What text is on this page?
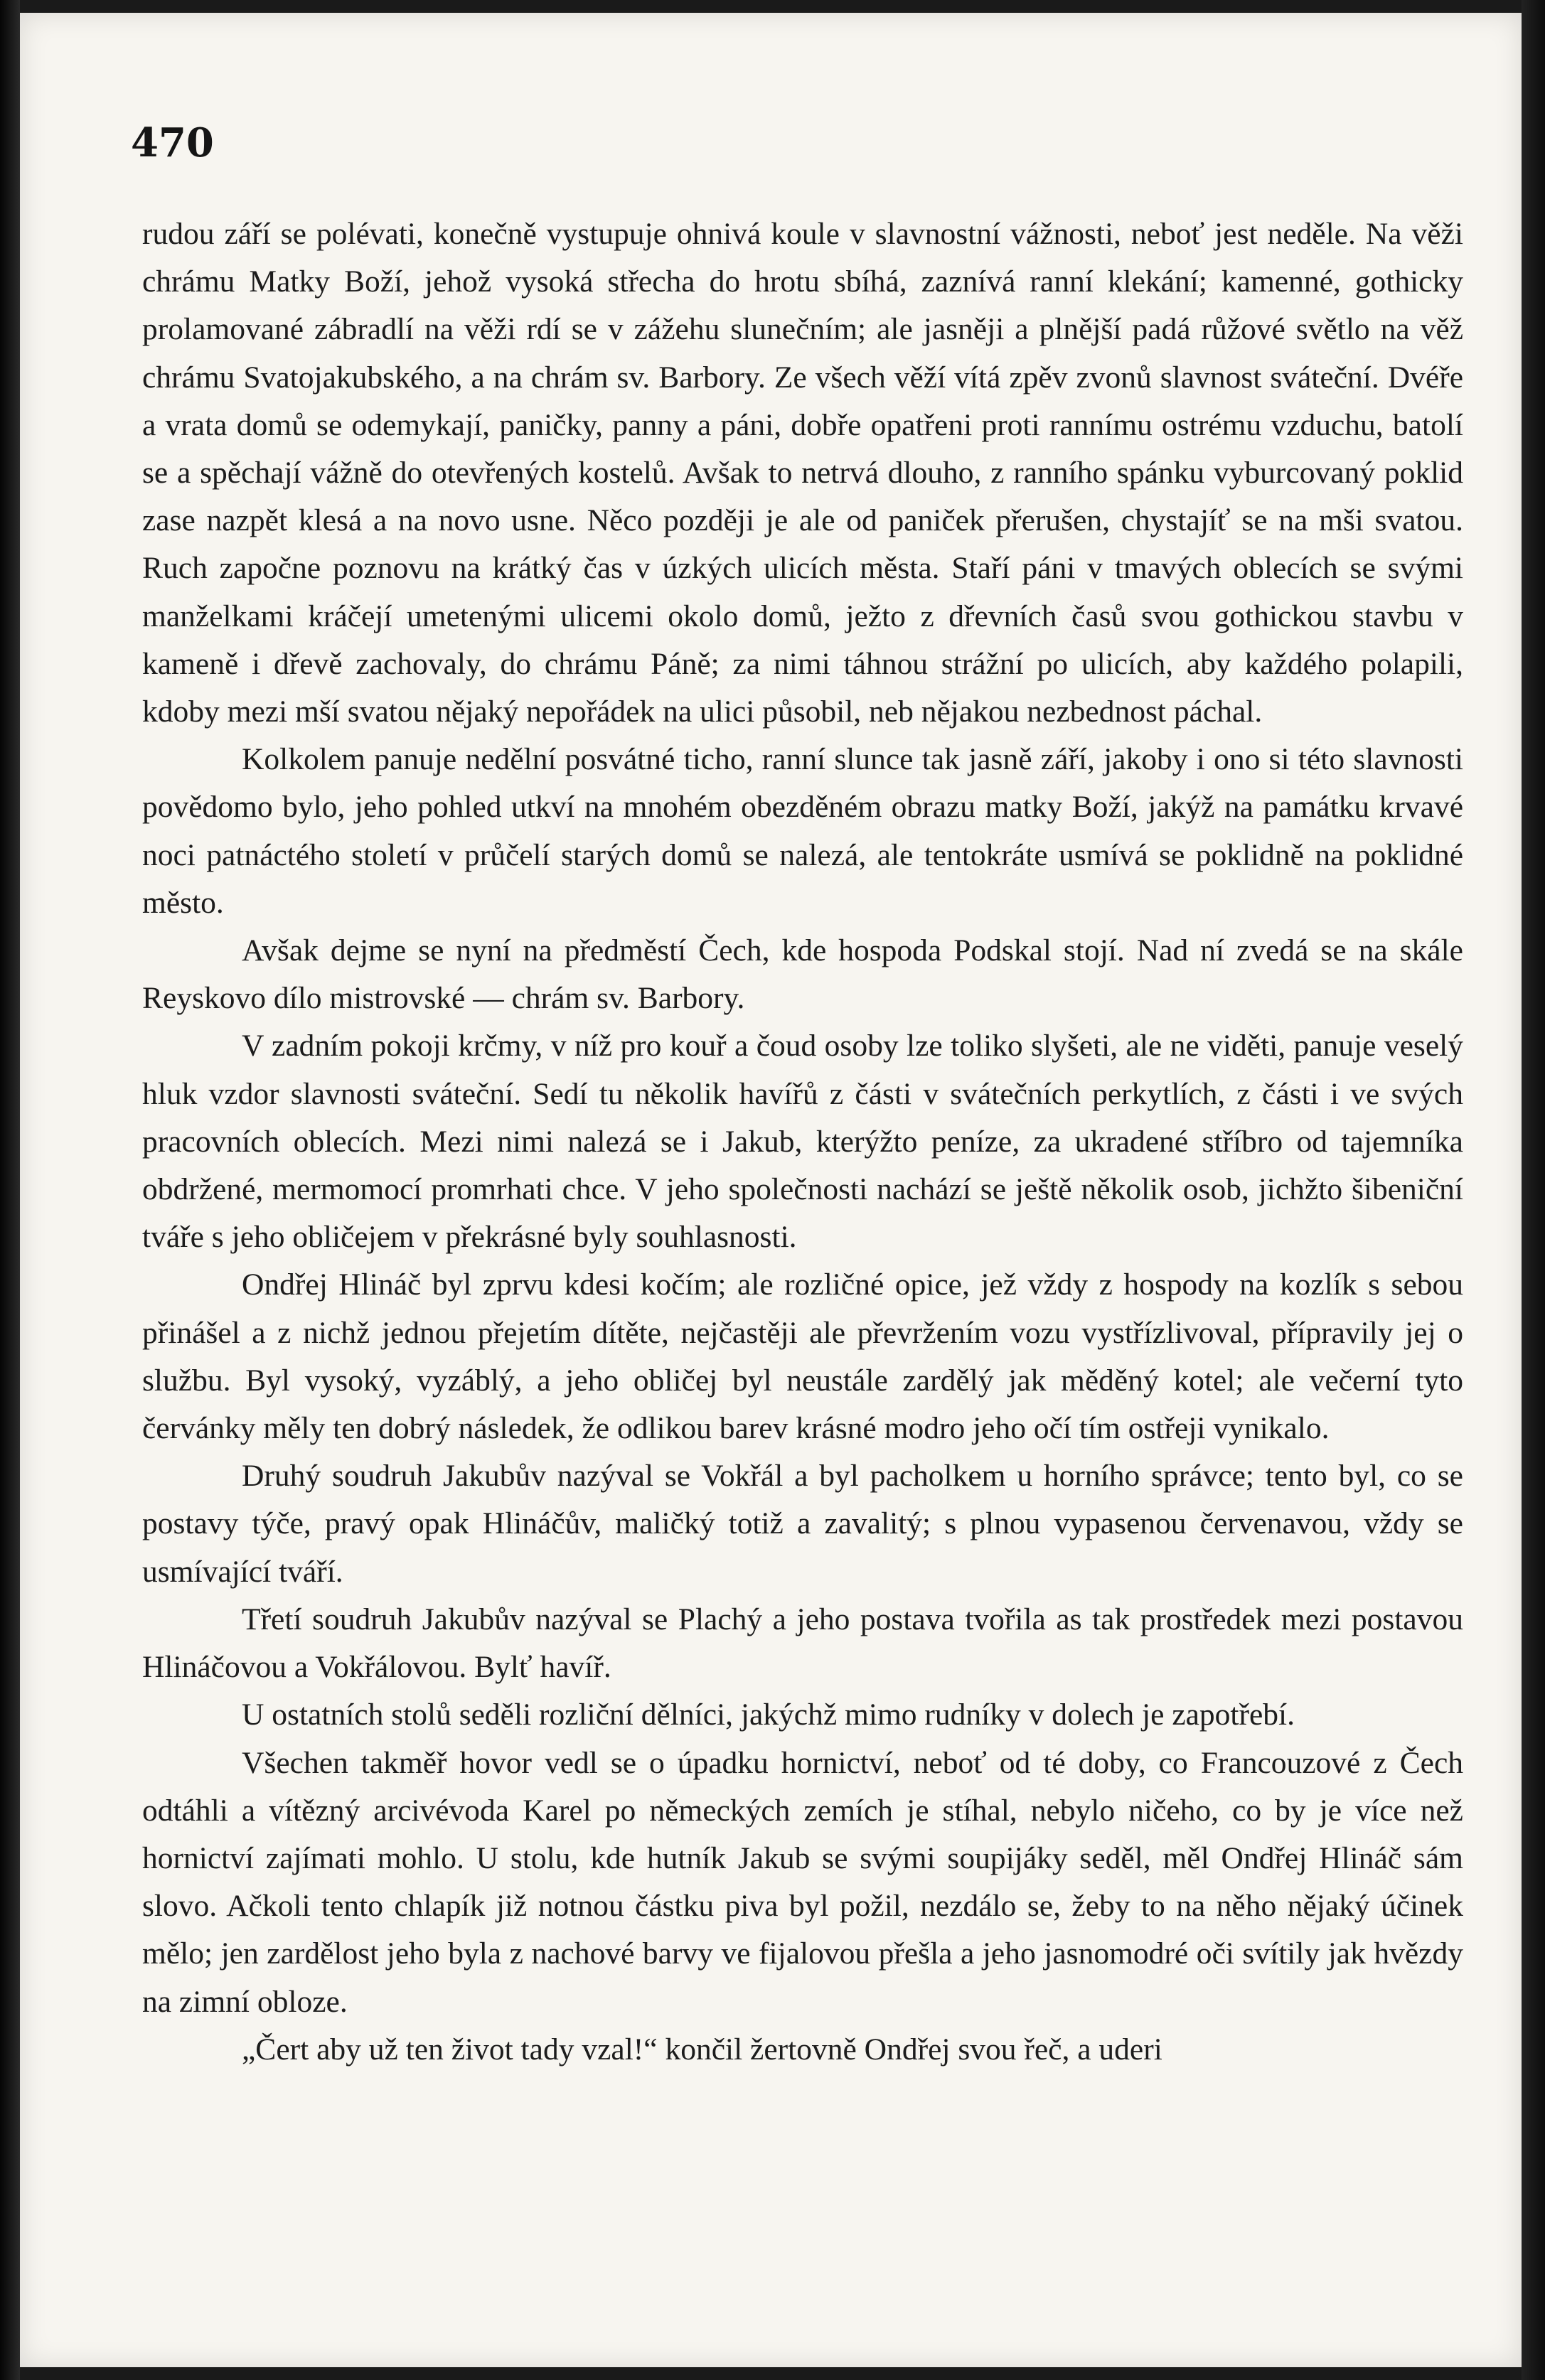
470

rudou září se polévati, konečně vystupuje ohnivá koule v slavnostní vážnosti, neboť jest neděle. Na věži chrámu Matky Boží, jehož vysoká střecha do hrotu sbíhá, zaznívá ranní klekání; kamenné, gothicky prolamované zábradlí na věži rdí se v zážehu slunečním; ale jasněji a plnější padá růžové světlo na věž chrámu Svatojakubského, a na chrám sv. Barbory. Ze všech věží vítá zpěv zvonů slavnost sváteční. Dvéře a vrata domů se odemykají, paničky, panny a páni, dobře opatřeni proti rannímu ostrému vzduchu, batolí se a spěchají vážně do otevřených kostelů. Avšak to netrvá dlouho, z ranního spánku vyburcovaný poklid zase nazpět klesá a na novo usne. Něco později je ale od paniček přerušen, chystajíť se na mši svatou. Ruch započne poznovu na krátký čas v úzkých ulicích města. Staří páni v tmavých oblecích se svými manželkami kráčejí umetenými ulicemi okolo domů, ježto z dřevních časů svou gothickou stavbu v kameně i dřevě zachovaly, do chrámu Páně; za nimi táhnou strážní po ulicích, aby každého polapili, kdoby mezi mší svatou nějaký nepořádek na ulici působil, neb nějakou nezbednost páchal.

Kolkolem panuje nedělní posvátné ticho, ranní slunce tak jasně září, jakoby i ono si této slavnosti povědomo bylo, jeho pohled utkví na mnohém obezděném obrazu matky Boží, jakýž na památku krvavé noci patnáctého století v průčelí starých domů se nalezá, ale tentokráte usmívá se poklidně na poklidné město.

Avšak dejme se nyní na předměstí Čech, kde hospoda Podskal stojí. Nad ní zvedá se na skále Reyskovo dílo mistrovské — chrám sv. Barbory.

V zadním pokoji krčmy, v níž pro kouř a čoud osoby lze toliko slyšeti, ale ne viděti, panuje veselý hluk vzdor slavnosti sváteční. Sedí tu několik havířů z části v svátečních perkytlích, z části i ve svých pracovních oblecích. Mezi nimi nalezá se i Jakub, kterýžto peníze, za ukradené stříbro od tajemníka obdržené, mermomocí promrhati chce. V jeho společnosti nachází se ještě několik osob, jichžto šibeniční tváře s jeho obličejem v překrásné byly souhlasnosti.

Ondřej Hlináč byl zprvu kdesi kočím; ale rozličné opice, jež vždy z hospody na kozlík s sebou přinášel a z nichž jednou přejetím dítěte, nejčastěji ale převržením vozu vystřízlivoval, přípravily jej o službu. Byl vysoký, vyzáblý, a jeho obličej byl neustále zardělý jak měděný kotel; ale večerní tyto červánky měly ten dobrý následek, že odlikou barev krásné modro jeho očí tím ostřeji vynikalo.

Druhý soudruh Jakubův nazýval se Vokřál a byl pacholkem u horního správce; tento byl, co se postavy týče, pravý opak Hlináčův, maličký totiž a zavalitý; s plnou vypasenou červenavou, vždy se usmívající tváří.

Třetí soudruh Jakubův nazýval se Plachý a jeho postava tvořila as tak prostředek mezi postavou Hlináčovou a Vokřálovou. Bylť havíř.

U ostatních stolů seděli rozliční dělníci, jakýchž mimo rudníky v dolech je zapotřebí.

Všechen takměř hovor vedl se o úpadku hornictví, neboť od té doby, co Francouzové z Čech odtáhli a vítězný arcivévoda Karel po německých zemích je stíhal, nebylo ničeho, co by je více než hornictví zajímati mohlo. U stolu, kde hutník Jakub se svými soupijáky seděl, měl Ondřej Hlináč sám slovo. Ačkoli tento chlapík již notnou částku piva byl požil, nezdálo se, žeby to na něho nějaký účinek mělo; jen zardělost jeho byla z nachové barvy ve fijalovou přešla a jeho jasnomodré oči svítily jak hvězdy na zimní obloze.

„Čert aby už ten život tady vzal!“ končil žertovně Ondřej svou řeč, a uderi
